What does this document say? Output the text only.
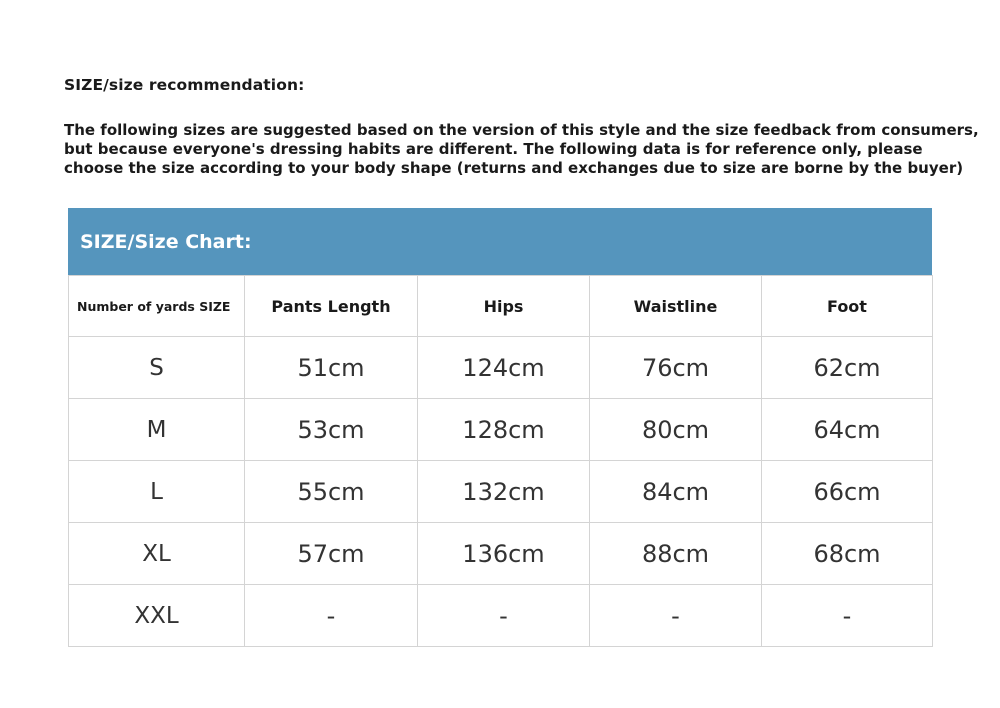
SIZE/size recommendation:

The following sizes are suggested based on the version of this style and the size feedback from consumers,
but because everyone's dressing habits are different. The following data is for reference only, please
choose the size according to your body shape (returns and exchanges due to size are borne by the buyer)

SIZE/Size Chart:
Number of yards SIZE	Pants Length	Hips	Waistline	Foot
S	51cm	124cm	76cm	62cm
M	53cm	128cm	80cm	64cm
L	55cm	132cm	84cm	66cm
XL	57cm	136cm	88cm	68cm
XXL	-	-	-	-
